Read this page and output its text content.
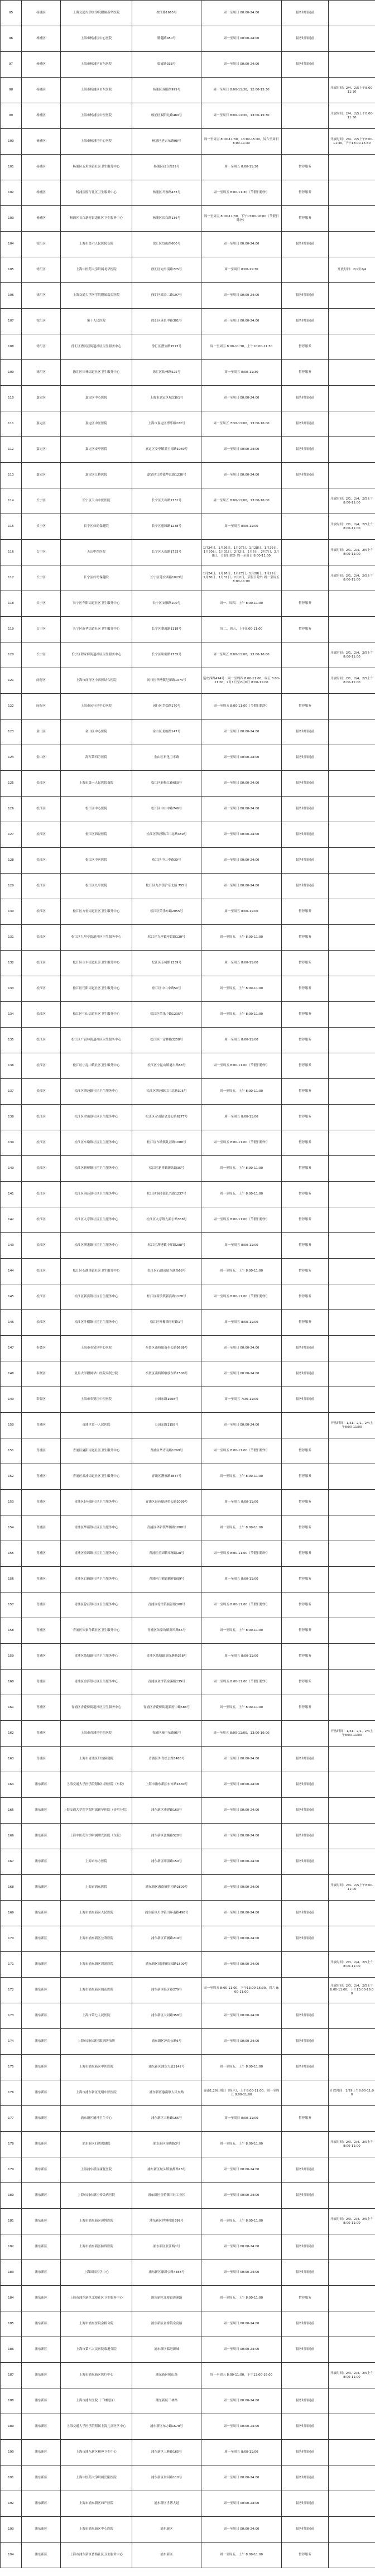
95	杨浦区	上海交通大学医学院附属新华医院	控江路1665号	周一至周日 00:00-24:00	服务时间同前	
96	杨浦区	上海市杨浦区中心医院	腾越路450号	周一至周日 00:00-24:00	服务时间同前	
97	杨浦区	上海市杨浦区市东医院	临青路333号	周一至周日 00:00-24:00	服务时间同前	
98	杨浦区	上海市杨浦区市东医院	杨浦区双阳路999号	周一至周日 8:00-11:30，12:00-15:30		开放时间：2/4、2/5上午8:00-11:30
99	杨浦区	上海市杨浦区中医医院	杨浦区双阳北路480号	周一至周日 8:00-11:30，13:00-15:30		开放时间：2/4、2/5上午8:00-11:30
100	杨浦区	上海市杨浦区中心医院	杨浦区延吉东路98号	周一至周五 8:00-11:30，13:00-15:30，周六至周日 8:00-11:30		开放时间：2/4、2/5上午8:00-11:30，下午13:00-15:30
101	杨浦区	杨浦区五角场镇社区卫生服务中心	杨浦区政立路39号	周一至周五 8:00-11:30	暂停服务	
102	杨浦区	杨浦区殷行社区卫生服务中心	杨浦区开鲁路433号	周一至周五 8:00-11:30（节假日除外）	暂停服务	
103	杨浦区	杨浦区长白新村街道社区卫生服务中心	杨浦区长白路136号	周一至周五 8:00-11:30，下午13:00-16:00（节假日除外）	暂停服务	
104	徐汇区	上海市第六人民医院东院	徐汇区宜山路600号	周一至周日 00:00-24:00	服务时间同前	
105	徐汇区	上海中医药大学附属龙华医院	徐汇区宛平南路725号	周一至周日 8:00-11:30		开放时间：2/1至2/4
106	徐汇区	上海交通大学医学院附属瑞金医院	徐汇区瑞金二路197号	周一至周日 00:00-24:00	服务时间同前	
107	徐汇区	第十人民医院	徐汇区延长中路301号	周一至周日 00:00-24:00	服务时间同前	
108	徐汇区	徐汇区漕河泾街道社区卫生服务中心	徐汇区漕宝路1573号	周一至周五 8:00-11:30，上午10:00-11:30	暂停服务	
109	徐汇区	徐汇区田林街道社区卫生服务中心	徐汇区钦州路525号	周一至周五 8:00-11:30	暂停服务	
110	嘉定区	嘉定区中心医院	上海市嘉定区城北路1号	周一至周日 00:00-24:00	服务时间同前	
111	嘉定区	嘉定区中医医院	上海市嘉定区博乐路222号	周一至周五 7:30-11:00，13:00-16:00	服务时间同前	
112	嘉定区	嘉定区安亭医院	嘉定区安亭镇墨玉南路1060号	周一至周日 00:00-24:00	服务时间同前	
113	嘉定区	嘉定区江桥医院	嘉定区江桥镇华江路1236号	周一至周日 00:00-24:00	服务时间同前	
114	长宁区	长宁区天山中医医院	长宁区天山路1731号	周一至周五 8:00-11:00，13:00-16:00		开放时间：2/1、2/4、2/5上午8:00-11:00
115	长宁区	长宁区妇幼保健院	长宁区愚园路1238号	周一至周五 8:00-11:00		开放时间：2/1、2/4、2/5上午8:00-11:00
116	长宁区	天山中医医院	长宁区天山路1733号	1月24日、1月26日、1月27日、1月28日、1月29日、1月30日、1月31日、2月2日，2月6日，2月7日，2月8日，节假日除外 周一至周日 8:00-11:00		开放时间：2/1、2/4、2/5上午8:00-11:00
117	长宁区	长宁区妇幼保健院	长宁区延安西路1023号	1月24日、1月26日、1月27日、1月28日、1月29日、1月30日、1月31日、2月2日，节假日除外 周一至周五 8:00-11:00		开放时间：2/1、2/4、2/5上午8:00-11:00
118	长宁区	长宁区华阳街道社区卫生服务中心	长宁区安顺路100号	周一、周四，上午 8:00-11:00	暂停服务	
119	长宁区	长宁区新华街道社区卫生服务中心	长宁区番禺路1118号	周二、周五，上午8:00-11:00	暂停服务	
120	长宁区	长宁区程家桥街道社区卫生服务中心	长宁区哈密路1735号	周一至周五 8:00-11:00，13:00-16:00		开放时间：2/1、2/4、2/5上午8:00-11:00
121	闵行区	上海市闵行区中西医结合医院	闵行区华漕镇纪翟路1074号	延安西路474号：周一至周四 8:00-11:00，周五 8:00-11:00，2月1日至2月6日 8:00-11:00		开放时间：2/1、2/4、2/5上午8:00-11:00
122	闵行区	上海市闵行区中心医院	闵行区莘松路170号	周一至周五 8:00-11:00（节假日除外）	暂停服务	
123	金山区	金山区中心医院	金山区龙航路147号	周一至周日 00:00-24:00	服务时间同前	
124	金山区	海军第四〇医院	金山区石化卫零路	周一至周日 00:00-24:00	服务时间同前	
125	松江区	上海市第一人民医院南院	松江区新松江路650号	周一至周日 00:00-24:00	服务时间同前	
126	松江区	松江区中心医院	松江区中山中路746号	周一至周日 00:00-24:00	服务时间同前	
127	松江区	松江区泗泾医院	松江区泗泾镇江川北路389号	周一至周日 00:00-24:00	服务时间同前	
128	松江区	松江区中医医院	松江区中山中路39号	周一至周日 00:00-24:00	服务时间同前	
129	松江区	松江区九亭医院	松江区九亭镇沪亭北路 755号	周一至周日 00:00-24:00	服务时间同前	
130	松江区	松江区方松街道社区卫生服务中心	松江区荣乐东路2055号	周一至周五 8:00-11:00	暂停服务	
131	松江区	松江区九里亭街道社区卫生服务中心	松江区九亭镇亭谊路120号	周一至周五，上午 8:00-11:00	暂停服务	
132	松江区	松江区永丰街道社区卫生服务中心	松江区玉树路1339号	周一至周五 8:00-11:00	暂停服务	
133	松江区	松江区岳阳街道社区卫生服务中心	松江区中山中路50号	周一至周五，上午 8:00-11:00	暂停服务	
134	松江区	松江区中山街道社区卫生服务中心	松江区荣乐中路1235号	周一至周五，上午 8:00-11:00	暂停服务	
135	松江区	松江区广富林街道社区卫生服务中心	松江区广富林路3258号	周一至周五 8:00-11:00	暂停服务	
136	松江区	松江区小昆山镇社区卫生服务中心	松江区小昆山镇港丰路88号	周一至周五 8:00-11:00（节假日除外）	暂停服务	
137	松江区	松江区泗泾镇社区卫生服务中心	松江区泗泾镇江川北路305号	周一至周五，上午 8:00-11:00	暂停服务	
138	松江区	松江区佘山镇社区卫生服务中心	松江区佘山镇佘北公路6277号	周一至周五 8:00-11:00	暂停服务	
139	松江区	松江区车墩镇社区卫生服务中心	松江区车墩镇虬泾路1088号	周一至周五 8:00-11:00（节假日除外）	暂停服务	
140	松江区	松江区新桥镇社区卫生服务中心	松江区新桥镇新站路35号	周一至周五，上午 8:00-11:00	暂停服务	
141	松江区	松江区洞泾镇社区卫生服务中心	松江区洞泾镇长兴路1237号	周一至周五，上午 8:00-11:00	暂停服务	
142	松江区	松江区九亭镇社区卫生服务中心	松江区九亭镇九新公路358号	周一至周五 8:00-11:00（节假日除外）	暂停服务	
143	松江区	松江区泖港镇社区卫生服务中心	松江区泖港镇中厍路288号	周一至周五 8:00-11:00	暂停服务	
144	松江区	松江区石湖荡镇社区卫生服务中心	松江区石湖荡镇东湖路68号	周一至周五，上午 8:00-11:00	暂停服务	
145	松江区	松江区新浜镇社区卫生服务中心	松江区新浜镇新浜路1128号	周一至周五 8:00-11:00（节假日除外）	暂停服务	
146	松江区	松江区叶榭镇社区卫生服务中心	松江区叶榭镇叶旺路1号	周一至周五 8:00-11:00	暂停服务	
147	奉贤区	上海市奉贤区中心医院	奉贤区南桥镇南奉公路9588号	周一至周日 00:00-24:00	服务时间同前	
148	奉贤区	复旦大学附属华山医院奉贤分院	奉贤区南桥镇解放东路1500号	周一至周日 00:00-24:00	服务时间同前	
149	奉贤区	上海市奉贤区中医医院	公园东路1508号	周一至周五 7:30-11:00	服务时间同前	
150	青浦区	青浦区第一人民医院	公园东路1158号	周一至周日 00:00-24:00		开放时间：1/31、2/1、2/4上午8:00-11:00
151	青浦区	青浦区夏阳街道社区卫生服务中心	青浦区华青南路1299号	周一至周五 8:00-11:00（节假日除外）	暂停服务	
152	青浦区	青浦区盈浦街道社区卫生服务中心	青浦区漕盈路3837号	周一至周五，上午 8:00-11:00	暂停服务	
153	青浦区	青浦区赵巷镇社区卫生服务中心	青浦区赵巷镇赵重公路2099号	周一至周五 8:00-11:00	暂停服务	
154	青浦区	青浦区华新镇社区卫生服务中心	青浦区华新镇华腾路1008号	周一至周五，上午 8:00-11:00	暂停服务	
155	青浦区	青浦区重固镇社区卫生服务中心	青浦区重固镇章堰路28号	周一至周五 8:00-11:00（节假日除外）	暂停服务	
156	青浦区	青浦区白鹤镇社区卫生服务中心	青浦区白鹤镇鹤祥路99号	周一至周五 8:00-11:00	暂停服务	
157	青浦区	青浦区徐泾镇社区卫生服务中心	青浦区徐泾镇振泾路168号	周一至周五 8:00-11:00（节假日除外）	暂停服务	
158	青浦区	青浦区朱家角镇社区卫生服务中心	青浦区朱家角镇新风路65号	周一至周五，上午 8:00-11:00	暂停服务	
159	青浦区	青浦区练塘镇社区卫生服务中心	青浦区练塘镇章练塘路368号	周一至周五 8:00-11:00	暂停服务	
160	青浦区	青浦区金泽镇社区卫生服务中心	青浦区金泽镇金溪路139号	周一至周五 8:00-11:00（节假日除外）	暂停服务	
161	青浦区	青浦区香花桥街道社区卫生服务中心	青浦区香花桥街道新府中路588号	周一至周五，上午 8:00-11:00	暂停服务	
162	青浦区	上海市青浦区中医医院	青浦区城中东路95号	周一至周五 8:00-11:00，13:00-16:00		开放时间：1/31、2/1、2/4上午8:00-11:00
163	青浦区	上海市青浦区妇幼保健院	青浦区外青松公路5488号	周一至周日 00:00-24:00	服务时间同前	
164	浦东新区	上海交通大学医学院附属仁济医院（东院）	上海市浦东新区东方路1630号	周一至周日 00:00-24:00	服务时间同前	
165	浦东新区	上海交通大学医学院附属新华医院（崇明分院）	浦东新区浦建路160号	周一至周日 00:00-24:00	服务时间同前	
166	浦东新区	上海中医药大学附属曙光医院（东院）	浦东新区张衡路528号	周一至周日 00:00-24:00	服务时间同前	
167	浦东新区	上海市东方医院	浦东新区即墨路150号	周一至周日 00:00-24:00	服务时间同前	
168	浦东新区	上海市浦东医院	浦东新区惠南镇拱为路2800号	周一至周日 00:00-24:00		开放时间：2/4、2/5上午8:00-11:00
169	浦东新区	上海市浦东新区人民医院	浦东新区川沙镇川环南路490号	周一至周日 00:00-24:00	服务时间同前	
170	浦东新区	上海市浦东新区公利医院	浦东新区苗圃路219号	周一至周日 00:00-24:00	服务时间同前	
171	浦东新区	上海市浦东新区周浦医院	浦东新区周浦镇周园路1500号	周一至周日 00:00-24:00		开放时间：2/3、2/4、2/5上午8:00-11:00
172	浦东新区	上海市浦东新区浦南医院	浦东新区临沂路279号	周一至周五 8:00-11:00，下午13:00-16:00，周六 8:00-11:00		开放时间：2/3、2/4、2/5上午8:00-11:00，下午13:00-16:00
173	浦东新区	上海市第七人民医院	浦东新区大同路358号	周一至周日 00:00-24:00	服务时间同前	
174	浦东新区	上海市浦东新区眼病防治所	浦东新区沪南公路6号	周一至周日 00:00-24:00	服务时间同前	
175	浦东新区	上海市浦东新区中医医院	浦东新区浦东大道2142号	周一至周五，上午 8:00-11:00	服务时间同前	
176	浦东新区	上海市浦东新区光明中医医院	浦东新区惠南镇人民东路	惠南1.29日周日（周六），上午8:00-11:00，周一至周五 8:00-11:00		开放时间：1/29上午8:00-11:00
177	浦东新区	浦东新区精神卫生中心	浦东新区三林路165号	周一至周日 8:00-11:00	暂停服务	
178	浦东新区	浦东新区妇幼保健院	浦东新区锦绣路3号	周一至周五，上午 8:00-11:00		开放时间：2/3、2/4、2/5上午8:00-11:00
179	浦东新区	上海浦东新区康复医院	浦东新区航头镇航都路18号	周一至周日 00:00-24:00	服务时间同前	
180	浦东新区	上海市浦东新区传染病医院	浦东新区宣桥镇三灶工业区	周一至周日 00:00-24:00	服务时间同前	
181	浦东新区	上海市浦东新区迎博医院	浦东新区世博村路399号	周一至周五，上午 8:00-11:00		开放时间：2/3、2/4、2/5上午8:00-11:00
182	浦东新区	上海市浦东新区肺科医院	浦东新区张江路1号	周一至周日 00:00-24:00	服务时间同前	
183	浦东新区	上海国际医学中心	浦东新区康新公路4358号	周一至周日 00:00-24:00	服务时间同前	
184	浦东新区	上海市浦东新区北蔡社区卫生服务中心	浦东新区北蔡镇莲溪路	周一至周五，上午 8:00-11:00	暂停服务	
185	浦东新区	上海市浦东医院金桥分院	浦东新区金桥镇金高路	周一至周日 00:00-24:00	服务时间同前	
186	浦东新区	上海市第六人民医院临港分院	浦东新区临港新城	周一至周日 00:00-24:00	服务时间同前	
187	浦东新区	上海市浦东新区医疗中心	浦东新区崂山路	周一至周五 8:00-11:00，下午13:00-16:00		开放时间：2/3、2/4、2/5上午8:00-11:00
188	浦东新区	上海市浦东医院（三林院区）	浦东新区三林路	周一至周日 00:00-24:00	服务时间同前	
189	浦东新区	上海交通大学医学院附属上海儿童医学中心	浦东新区东方路1678号	周一至周日 00:00-24:00	服务时间同前	
190	浦东新区	上海市浦东新区精神卫生中心	浦东新区三林路165号	周一至周五 8:00-11:00	服务时间同前	
191	浦东新区	上海中医药大学附属岳阳医院	浦东新区甘河路110号	周一至周日 00:00-24:00	服务时间同前	
192	浦东新区	上海市浦东新区妇产医院	浦东新区世博大道	周一至周日 00:00-24:00	服务时间同前	
193	浦东新区	上海市浦东新区中心医院	浦东新区	周一至周日 00:00-24:00	服务时间同前	
194	浦东新区	上海市浦东新区曹路社区卫生服务中心	浦东新区	周一至周五，上午 8:00-11:00	暂停服务	
